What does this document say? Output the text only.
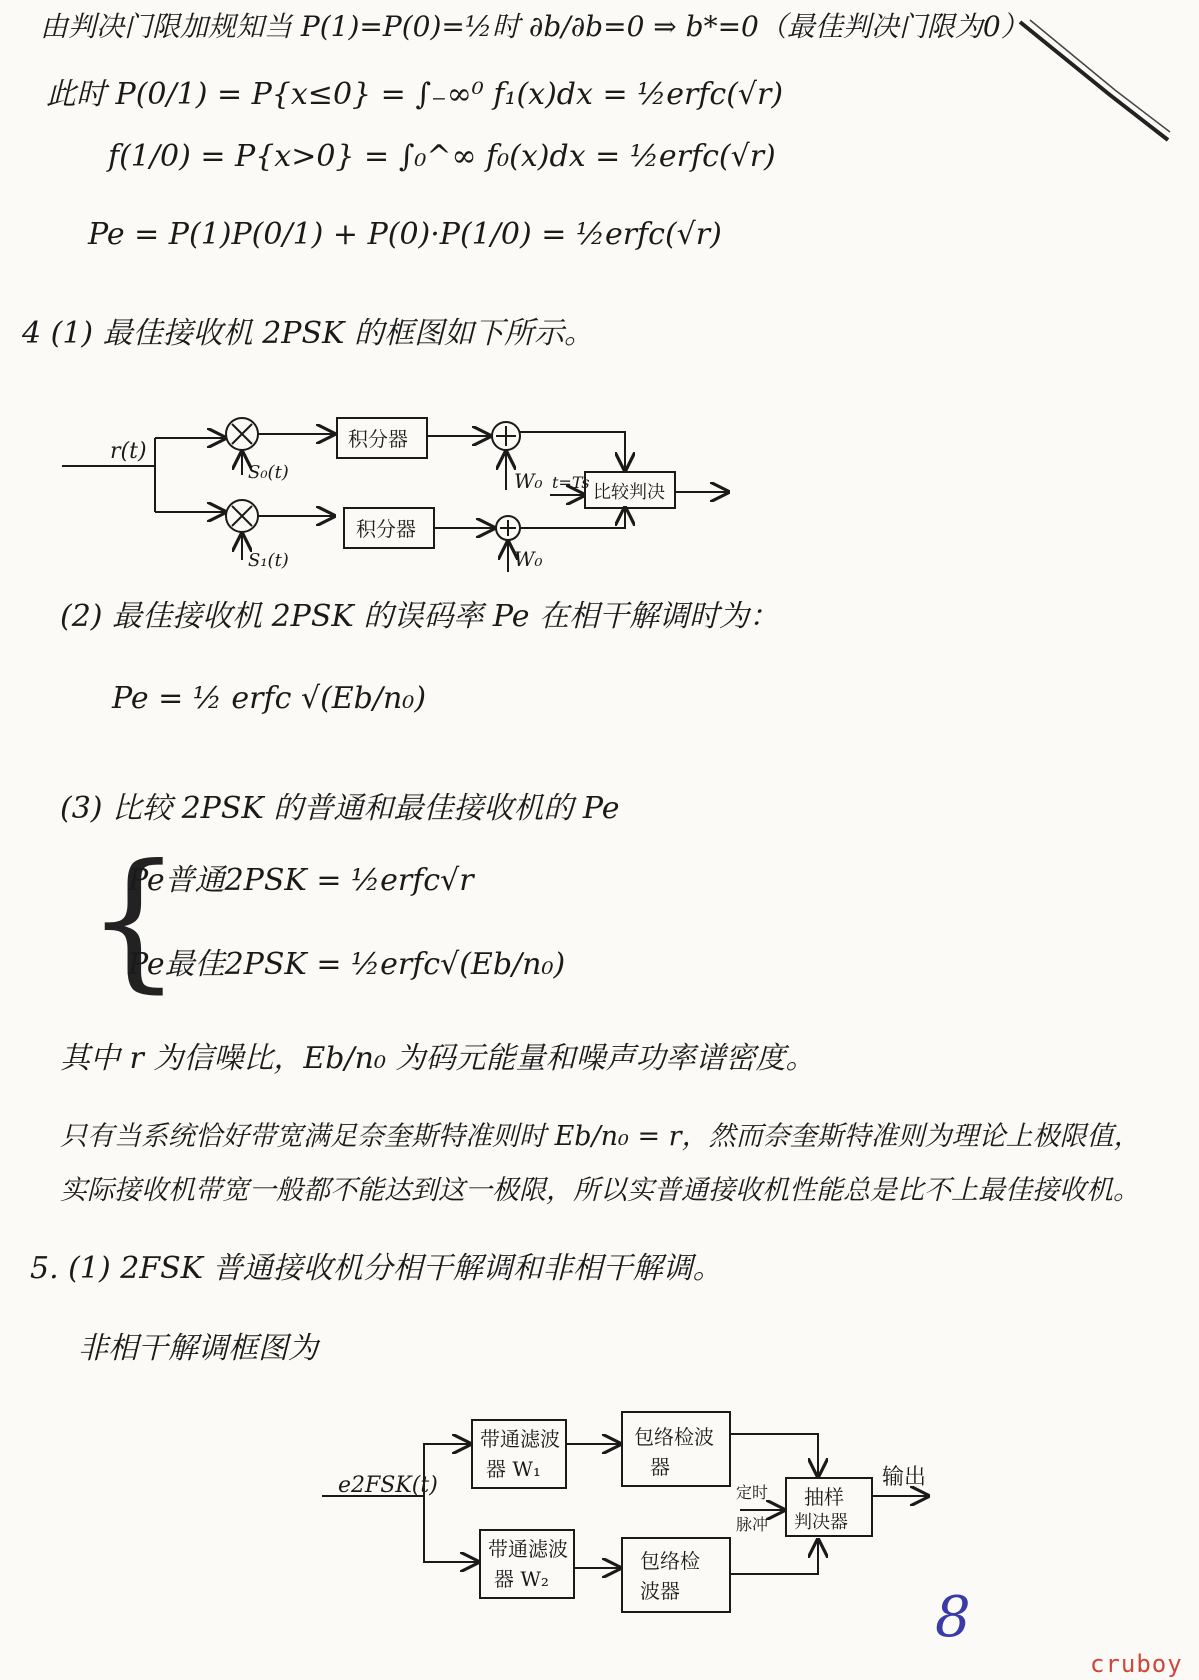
由判决门限加规知当 P(1)=P(0)=½时 ∂b/∂b=0 ⇒ b*=0（最佳判决门限为0）
此时 P(0/1) = P{x≤0} = ∫₋∞⁰ f₁(x)dx = ½erfc(√r)
f(1/0) = P{x>0} = ∫₀^∞ f₀(x)dx = ½erfc(√r)
Pe = P(1)P(0/1) + P(0)·P(1/0) = ½erfc(√r)
4 (1) 最佳接收机 2PSK 的框图如下所示。
(2) 最佳接收机 2PSK 的误码率 Pe 在相干解调时为：
Pe = ½ erfc √(Eb/n₀)
(3) 比较 2PSK 的普通和最佳接收机的 Pe
{
Pe普通2PSK = ½erfc√r
Pe最佳2PSK = ½erfc√(Eb/n₀)
其中 r 为信噪比，Eb/n₀ 为码元能量和噪声功率谱密度。
只有当系统恰好带宽满足奈奎斯特准则时 Eb/n₀ = r，然而奈奎斯特准则为理论上极限值，
实际接收机带宽一般都不能达到这一极限，所以实普通接收机性能总是比不上最佳接收机。
5. (1) 2FSK 普通接收机分相干解调和非相干解调。
非相干解调框图为
r(t)
S₀(t)
S₁(t)
积分器
积分器
W₀
W₀
t=Ts 比较判决
e2FSK(t)
带通滤波
器 W₁
带通滤波
器 W₂
包络检波
器
包络检
波器
定时
脉冲
抽样
判决器
输出
8
cruboy
